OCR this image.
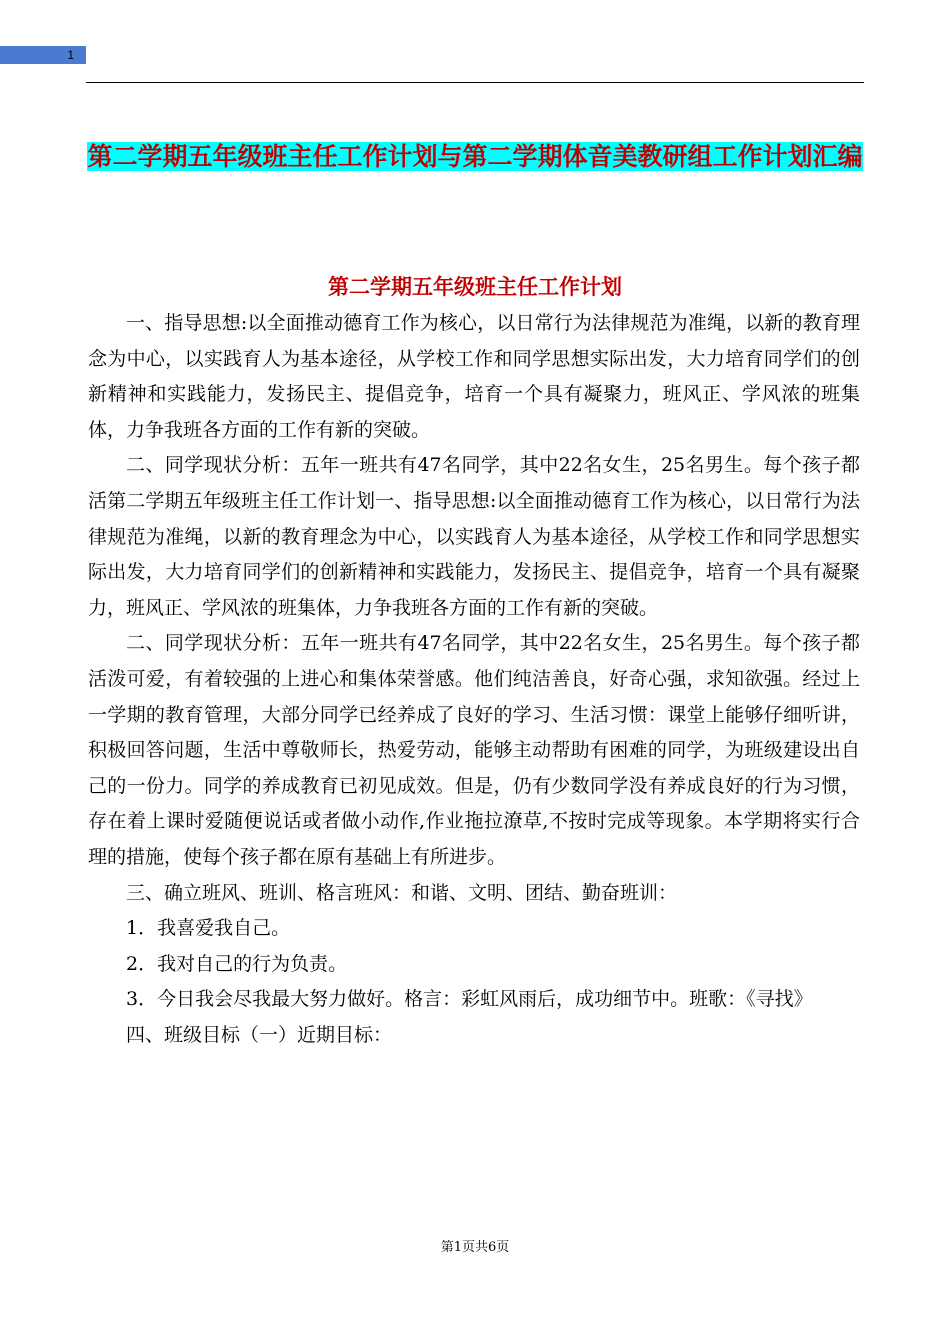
1
第二学期五年级班主任工作计划与第二学期体音美教研组工作计划汇编
第二学期五年级班主任工作计划

一、指导思想:以全面推动德育工作为核心，以日常行为法律规范为准绳，以新的教育理念为中心，以实践育人为基本途径，从学校工作和同学思想实际出发，大力培育同学们的创新精神和实践能力，发扬民主、提倡竞争，培育一个具有凝聚力，班风正、学风浓的班集体，力争我班各方面的工作有新的突破。

二、同学现状分析：五年一班共有47名同学，其中22名女生，25名男生。每个孩子都活第二学期五年级班主任工作计划一、指导思想:以全面推动德育工作为核心，以日常行为法律规范为准绳，以新的教育理念为中心，以实践育人为基本途径，从学校工作和同学思想实际出发，大力培育同学们的创新精神和实践能力，发扬民主、提倡竞争，培育一个具有凝聚力，班风正、学风浓的班集体，力争我班各方面的工作有新的突破。

二、同学现状分析：五年一班共有47名同学，其中22名女生，25名男生。每个孩子都活泼可爱，有着较强的上进心和集体荣誉感。他们纯洁善良，好奇心强，求知欲强。经过上一学期的教育管理，大部分同学已经养成了良好的学习、生活习惯：课堂上能够仔细听讲，积极回答问题，生活中尊敬师长，热爱劳动，能够主动帮助有困难的同学，为班级建设出自己的一份力。同学的养成教育已初见成效。但是，仍有少数同学没有养成良好的行为习惯，存在着上课时爱随便说话或者做小动作,作业拖拉潦草,不按时完成等现象。本学期将实行合理的措施，使每个孩子都在原有基础上有所进步。

三、确立班风、班训、格言班风：和谐、文明、团结、勤奋班训：

1．我喜爱我自己。

2．我对自己的行为负责。

3．今日我会尽我最大努力做好。格言：彩虹风雨后，成功细节中。班歌：《寻找》

四、班级目标（一）近期目标：

第1页共6页
